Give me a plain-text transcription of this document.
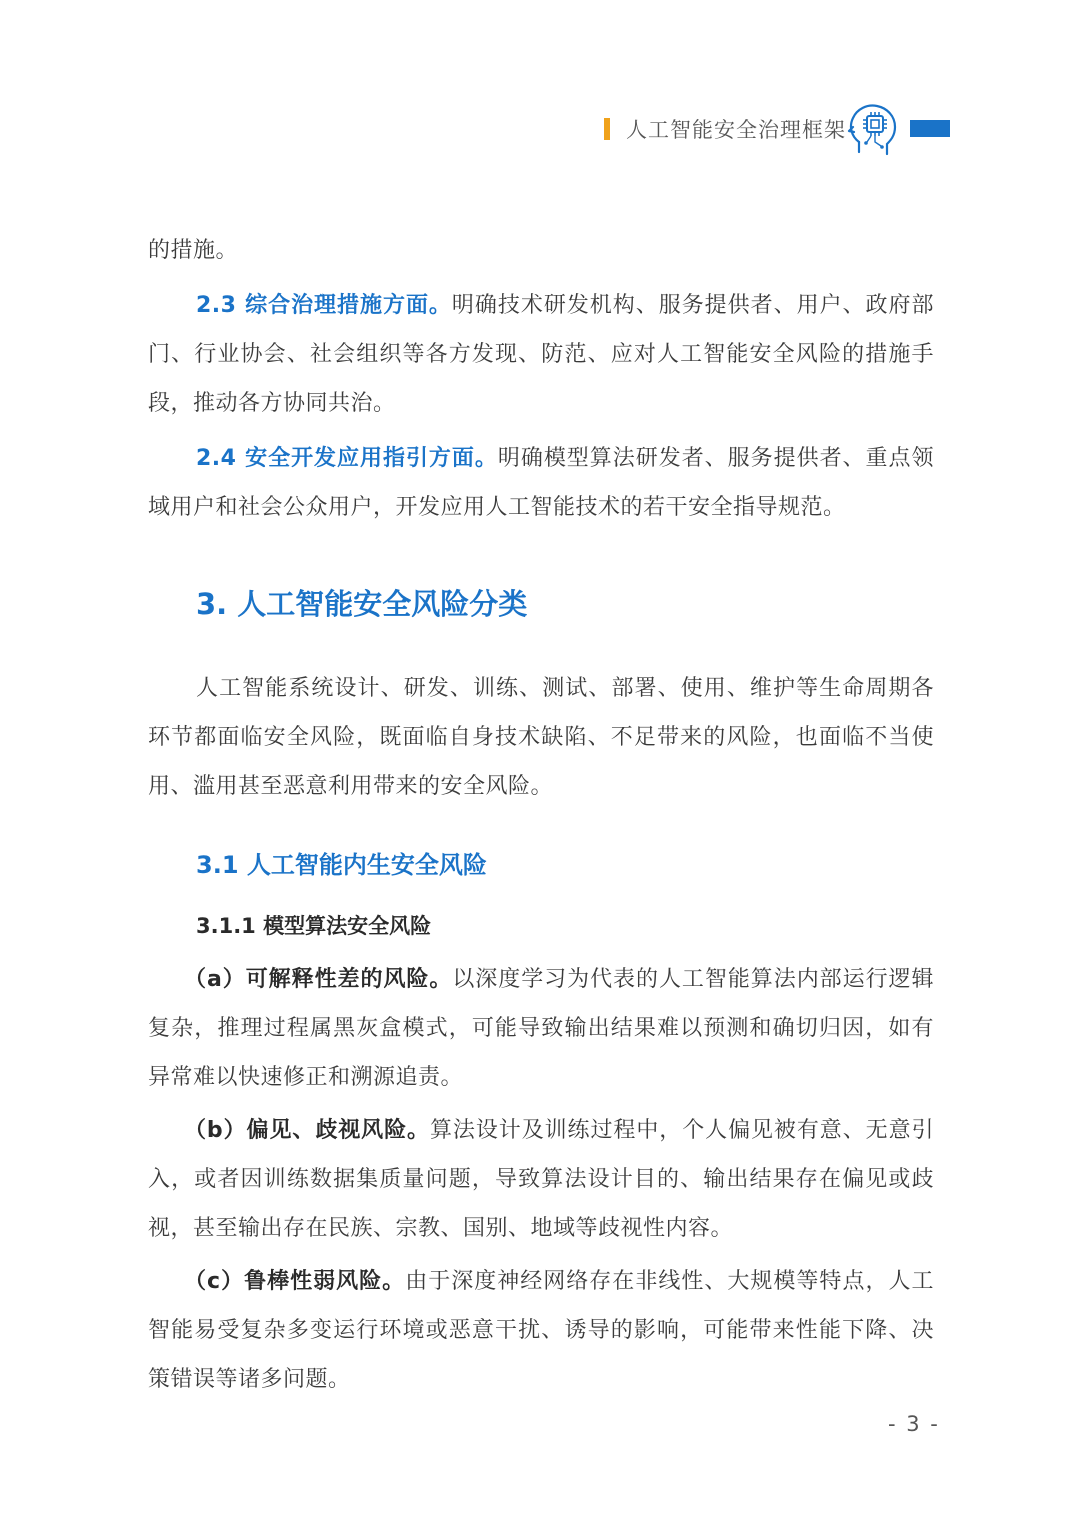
人工智能安全治理框架

的措施。

2.3 综合治理措施方面。明确技术研发机构、服务提供者、用户、政府部门、行业协会、社会组织等各方发现、防范、应对人工智能安全风险的措施手段，推动各方协同共治。

2.4 安全开发应用指引方面。明确模型算法研发者、服务提供者、重点领域用户和社会公众用户，开发应用人工智能技术的若干安全指导规范。

3. 人工智能安全风险分类

人工智能系统设计、研发、训练、测试、部署、使用、维护等生命周期各环节都面临安全风险，既面临自身技术缺陷、不足带来的风险，也面临不当使用、滥用甚至恶意利用带来的安全风险。

3.1 人工智能内生安全风险
3.1.1 模型算法安全风险

（a）可解释性差的风险。以深度学习为代表的人工智能算法内部运行逻辑复杂，推理过程属黑灰盒模式，可能导致输出结果难以预测和确切归因，如有异常难以快速修正和溯源追责。

（b）偏见、歧视风险。算法设计及训练过程中，个人偏见被有意、无意引入，或者因训练数据集质量问题，导致算法设计目的、输出结果存在偏见或歧视，甚至输出存在民族、宗教、国别、地域等歧视性内容。

（c）鲁棒性弱风险。由于深度神经网络存在非线性、大规模等特点，人工智能易受复杂多变运行环境或恶意干扰、诱导的影响，可能带来性能下降、决策错误等诸多问题。

- 3 -
